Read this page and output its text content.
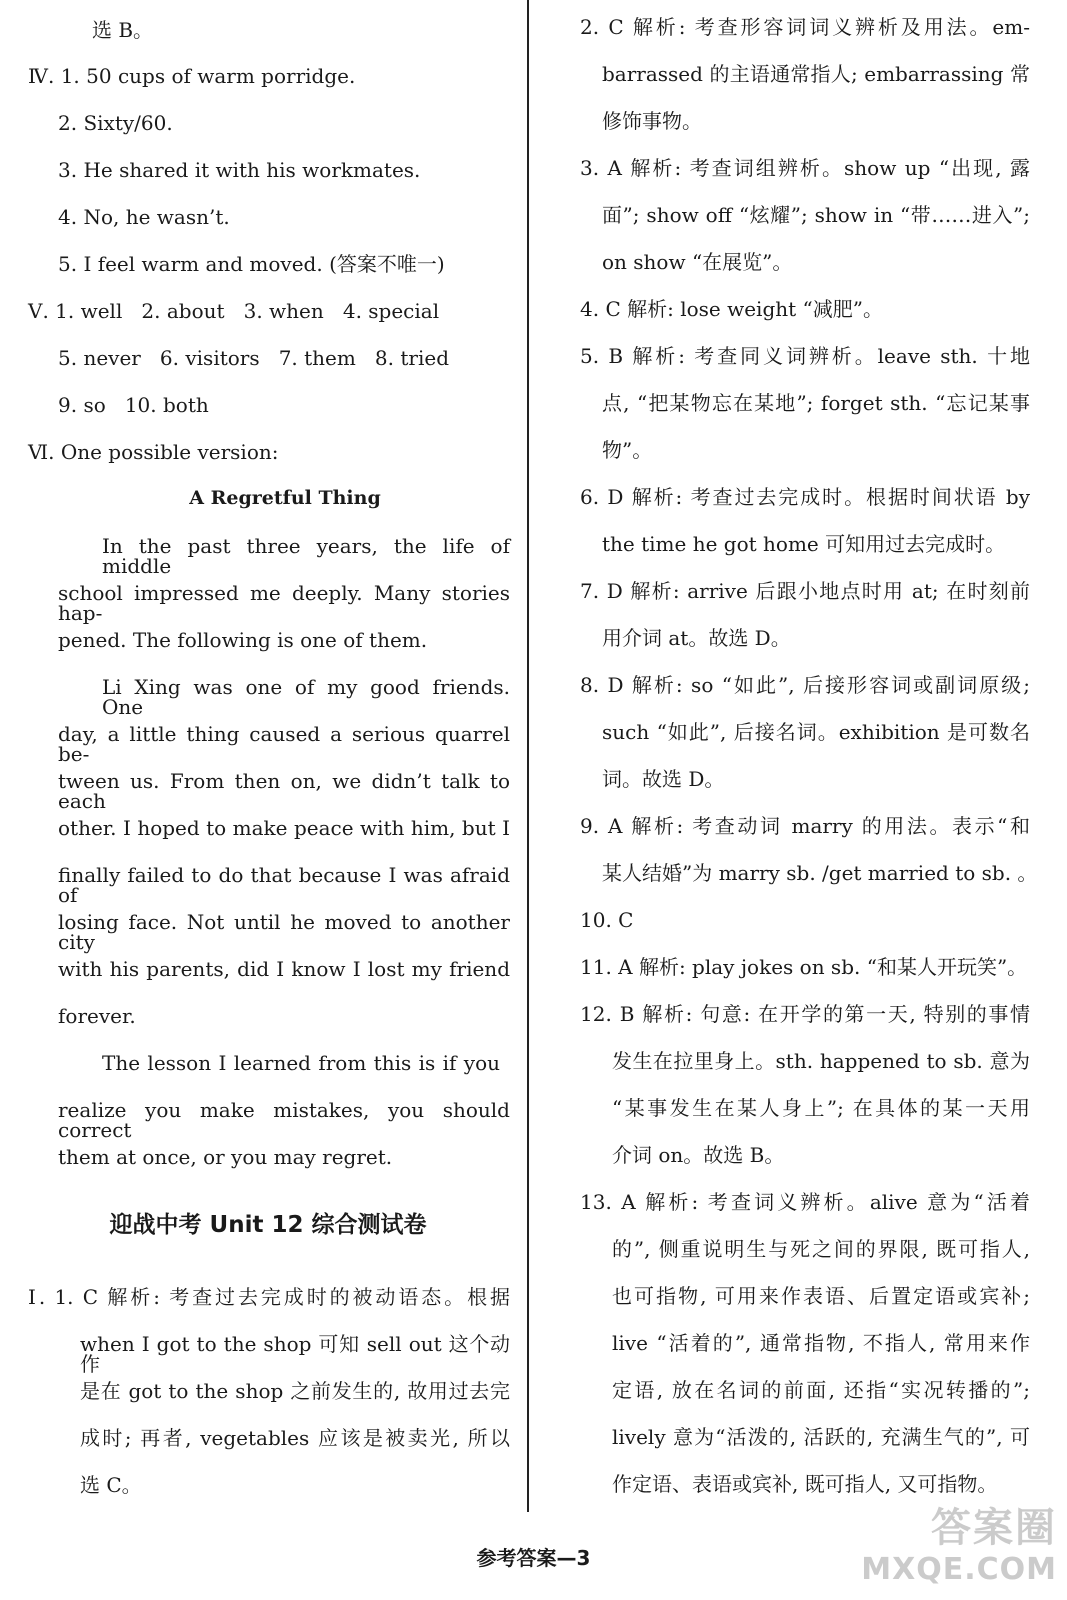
选 B。
Ⅳ. 1. 50 cups of warm porridge.
2. Sixty/60.
3. He shared it with his workmates.
4. No, he wasn’t.
5. I feel warm and moved. (答案不唯一)
Ⅴ. 1. well   2. about   3. when   4. special
5. never   6. visitors   7. them   8. tried
9. so   10. both
Ⅵ. One possible version:
A Regretful Thing
In the past three years, the life of middle
school impressed me deeply. Many stories hap-
pened. The following is one of them.
Li Xing was one of my good friends. One
day, a little thing caused a serious quarrel be-
tween us. From then on, we didn’t talk to each
other. I hoped to make peace with him, but I
finally failed to do that because I was afraid of
losing face. Not until he moved to another city
with his parents, did I know I lost my friend
forever.
The lesson I learned from this is if you
realize you make mistakes, you should correct
them at once, or you may regret.
迎战中考 Unit 12 综合测试卷
Ⅰ. 1. C 解析: 考查过去完成时的被动语态。根据
when I got to the shop 可知 sell out 这个动作
是在 got to the shop 之前发生的, 故用过去完
成时; 再者, vegetables 应该是被卖光, 所以
选 C。
2. C 解析: 考查形容词词义辨析及用法。em-
barrassed 的主语通常指人; embarrassing 常
修饰事物。
3. A 解析: 考查词组辨析。show up “出现, 露
面”; show off “炫耀”; show in “带……进入”;
on show “在展览”。
4. C 解析: lose weight “减肥”。
5. B 解析: 考查同义词辨析。leave sth. 十地
点, “把某物忘在某地”; forget sth. “忘记某事
物”。
6. D 解析: 考查过去完成时。根据时间状语 by
the time he got home 可知用过去完成时。
7. D 解析: arrive 后跟小地点时用 at; 在时刻前
用介词 at。故选 D。
8. D 解析: so “如此”, 后接形容词或副词原级;
such “如此”, 后接名词。exhibition 是可数名
词。故选 D。
9. A 解析: 考查动词 marry 的用法。表示“和
某人结婚”为 marry sb. /get married to sb. 。
10. C
11. A 解析: play jokes on sb. “和某人开玩笑”。
12. B 解析: 句意: 在开学的第一天, 特别的事情
发生在拉里身上。sth. happened to sb. 意为
“某事发生在某人身上”; 在具体的某一天用
介词 on。故选 B。
13. A 解析: 考查词义辨析。alive 意为“活着
的”, 侧重说明生与死之间的界限, 既可指人,
也可指物, 可用来作表语、后置定语或宾补;
live “活着的”, 通常指物, 不指人, 常用来作
定语, 放在名词的前面, 还指“实况转播的”;
lively 意为“活泼的, 活跃的, 充满生气的”, 可
作定语、表语或宾补, 既可指人, 又可指物。
参考答案—3
答案圈
MXQE.COM
